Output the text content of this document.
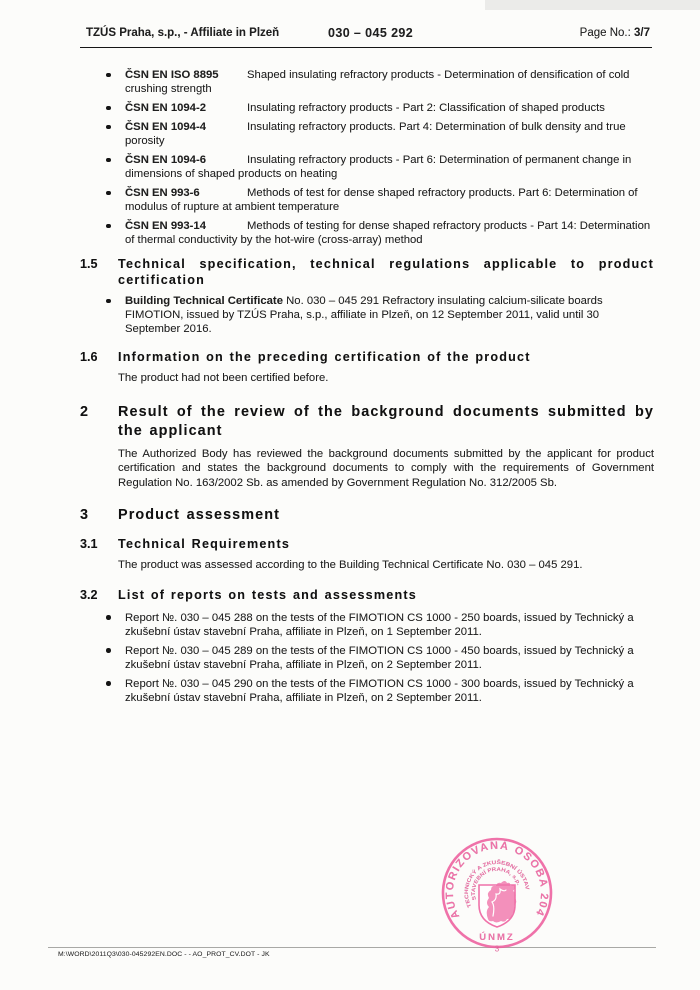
TZÚS Praha, s.p., - Affiliate in Plzeň	030 – 045 292	Page No.: 3/7
ČSN EN ISO 8895	Shaped insulating refractory products - Determination of densification of cold crushing strength
ČSN EN 1094-2	Insulating refractory products - Part 2: Classification of shaped products
ČSN EN 1094-4	Insulating refractory products. Part 4: Determination of bulk density and true porosity
ČSN EN 1094-6	Insulating refractory products - Part 6: Determination of permanent change in dimensions of shaped products on heating
ČSN EN 993-6	Methods of test for dense shaped refractory products. Part 6: Determination of modulus of rupture at ambient temperature
ČSN EN 993-14	Methods of testing for dense shaped refractory products - Part 14: Determination of thermal conductivity by the hot-wire (cross-array) method
1.5 Technical specification, technical regulations applicable to product certification
Building Technical Certificate No. 030 – 045 291 Refractory insulating calcium-silicate boards FIMOTION, issued by TZÚS Praha, s.p., affiliate in Plzeň, on 12 September 2011, valid until 30 September 2016.
1.6 Information on the preceding certification of the product
The product had not been certified before.
2 Result of the review of the background documents submitted by the applicant
The Authorized Body has reviewed the background documents submitted by the applicant for product certification and states the background documents to comply with the requirements of Government Regulation No. 163/2002 Sb. as amended by Government Regulation No. 312/2005 Sb.
3 Product assessment
3.1 Technical Requirements
The product was assessed according to the Building Technical Certificate No. 030 – 045 291.
3.2 List of reports on tests and assessments
Report №. 030 – 045 288 on the tests of the FIMOTION CS 1000 - 250 boards, issued by Technický a zkušební ústav stavební Praha, affiliate in Plzeň, on 1 September 2011.
Report №. 030 – 045 289 on the tests of the FIMOTION CS 1000 - 450 boards, issued by Technický a zkušební ústav stavební Praha, affiliate in Plzeň, on 2 September 2011.
Report №. 030 – 045 290 on the tests of the FIMOTION CS 1000 - 300 boards, issued by Technický a zkušební ústav stavební Praha, affiliate in Plzeň, on 2 September 2011.
M:\WORD\2011Q3\030-045292EN.DOC - - AO_PROT_CV.DOT - JK
AUTORIZOVANÁ OSOBA 204
TECHNICKÝ A ZKUŠEBNÍ ÚSTAV
STAVEBNÍ PRAHA, s.p.
ÚNMZ
3
